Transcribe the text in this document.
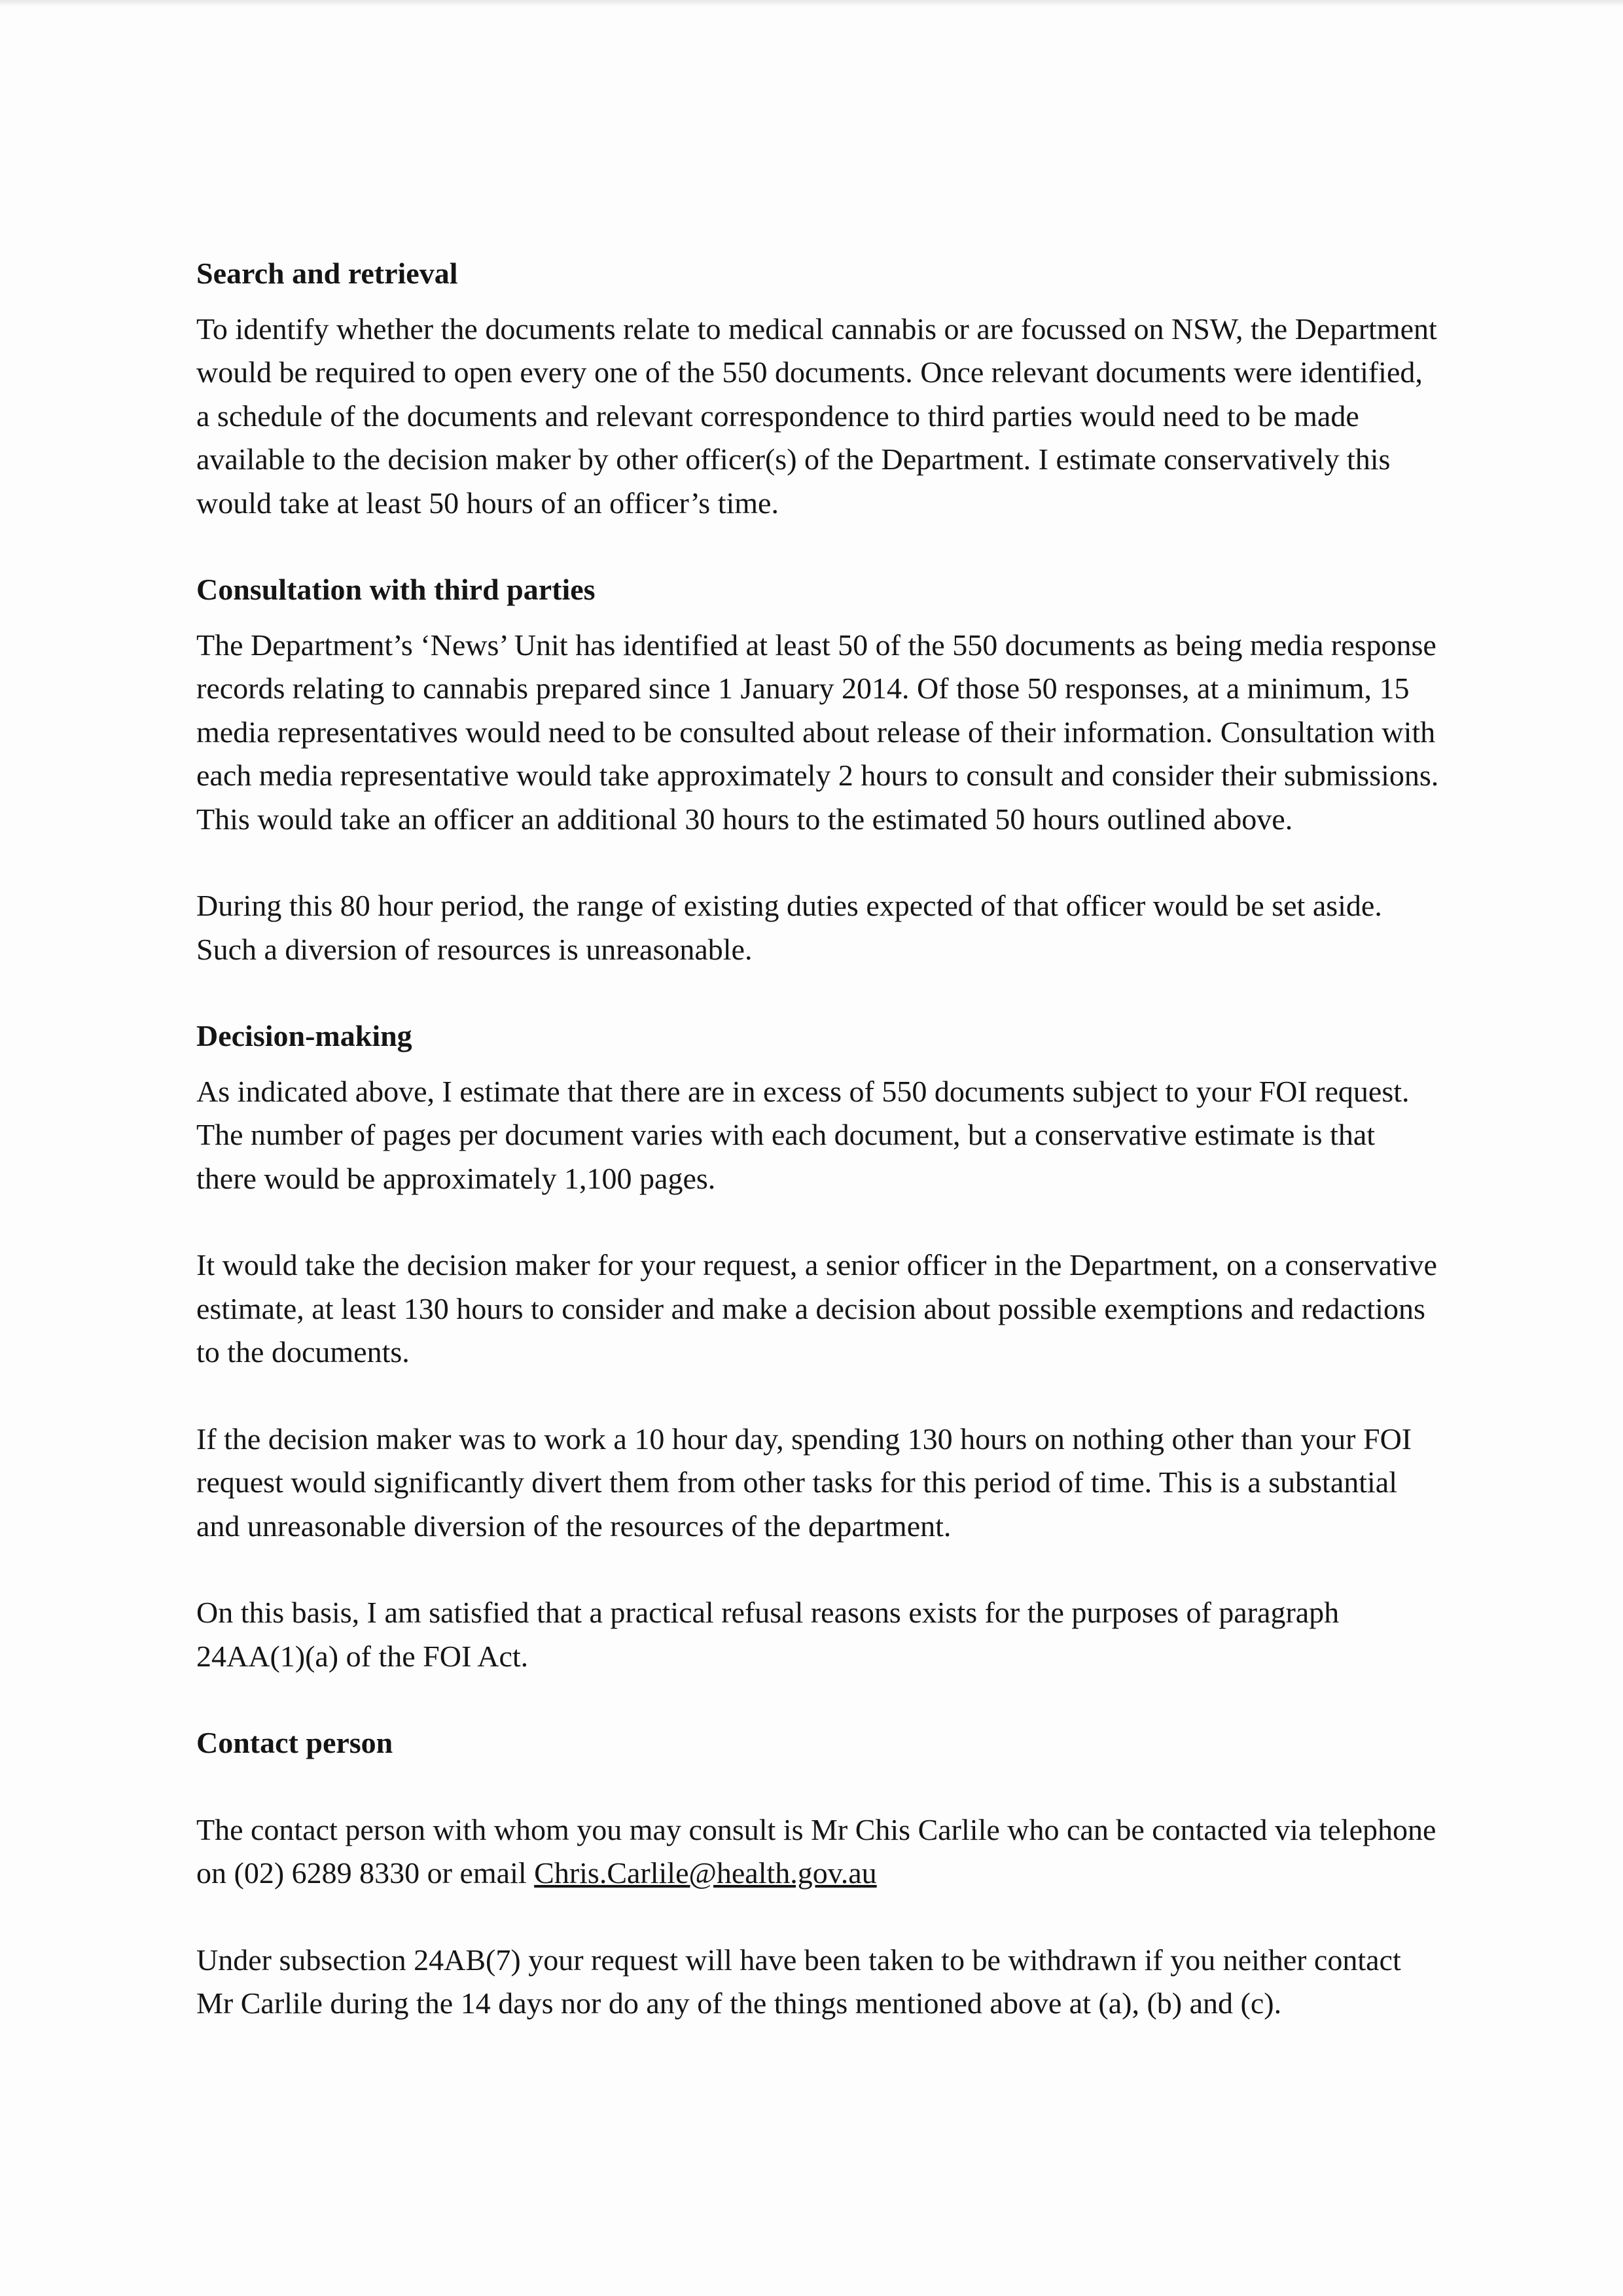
Search and retrieval

To identify whether the documents relate to medical cannabis or are focussed on NSW, the Department would be required to open every one of the 550 documents. Once relevant documents were identified, a schedule of the documents and relevant correspondence to third parties would need to be made available to the decision maker by other officer(s) of the Department. I estimate conservatively this would take at least 50 hours of an officer’s time.

Consultation with third parties

The Department’s ‘News’ Unit has identified at least 50 of the 550 documents as being media response records relating to cannabis prepared since 1 January 2014. Of those 50 responses, at a minimum, 15 media representatives would need to be consulted about release of their information. Consultation with each media representative would take approximately 2 hours to consult and consider their submissions. This would take an officer an additional 30 hours to the estimated 50 hours outlined above.

During this 80 hour period, the range of existing duties expected of that officer would be set aside. Such a diversion of resources is unreasonable.

Decision-making

As indicated above, I estimate that there are in excess of 550 documents subject to your FOI request. The number of pages per document varies with each document, but a conservative estimate is that there would be approximately 1,100 pages.

It would take the decision maker for your request, a senior officer in the Department, on a conservative estimate, at least 130 hours to consider and make a decision about possible exemptions and redactions to the documents.

If the decision maker was to work a 10 hour day, spending 130 hours on nothing other than your FOI request would significantly divert them from other tasks for this period of time. This is a substantial and unreasonable diversion of the resources of the department.

On this basis, I am satisfied that a practical refusal reasons exists for the purposes of paragraph 24AA(1)(a) of the FOI Act.

Contact person

The contact person with whom you may consult is Mr Chis Carlile who can be contacted via telephone on (02) 6289 8330 or email Chris.Carlile@health.gov.au

Under subsection 24AB(7) your request will have been taken to be withdrawn if you neither contact Mr Carlile during the 14 days nor do any of the things mentioned above at (a), (b) and (c).
